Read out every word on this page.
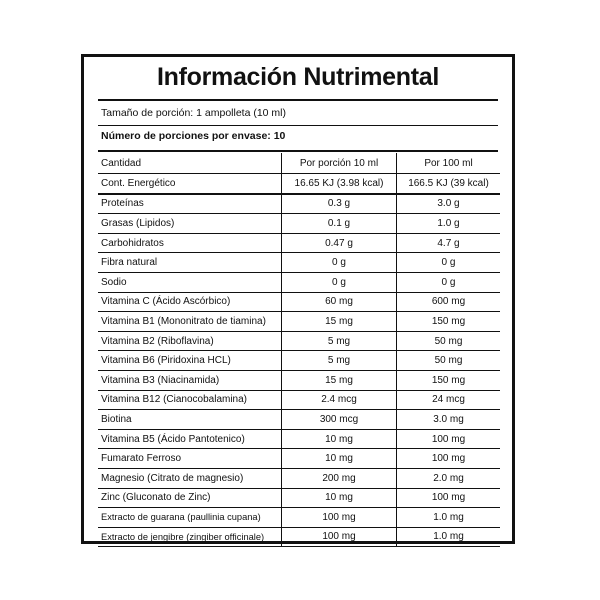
Información Nutrimental
Tamaño de porción: 1 ampolleta (10 ml)
Número de porciones por envase: 10
Cantidad	Por porción 10 ml	Por 100 ml
Cont. Energético	16.65 KJ (3.98 kcal)	166.5 KJ (39 kcal)
Proteínas	0.3 g	3.0 g
Grasas (Lipidos)	0.1 g	1.0 g
Carbohidratos	0.47 g	4.7 g
Fibra natural	0 g	0 g
Sodio	0 g	0 g
Vitamina C (Ácido Ascórbico)	60 mg	600 mg
Vitamina B1 (Mononitrato de tiamina)	15 mg	150 mg
Vitamina B2 (Riboflavina)	5 mg	50 mg
Vitamina B6 (Piridoxina HCL)	5 mg	50 mg
Vitamina B3 (Niacinamida)	15 mg	150 mg
Vitamina B12 (Cianocobalamina)	2.4 mcg	24 mcg
Biotina	300 mcg	3.0 mg
Vitamina B5 (Ácido Pantotenico)	10 mg	100 mg
Fumarato Ferroso	10 mg	100 mg
Magnesio (Citrato de magnesio)	200 mg	2.0 mg
Zinc (Gluconato de Zinc)	10 mg	100 mg
Extracto de guarana (paullinia cupana)	100 mg	1.0 mg
Extracto de jengibre (zingiber officinale)	100 mg	1.0 mg
